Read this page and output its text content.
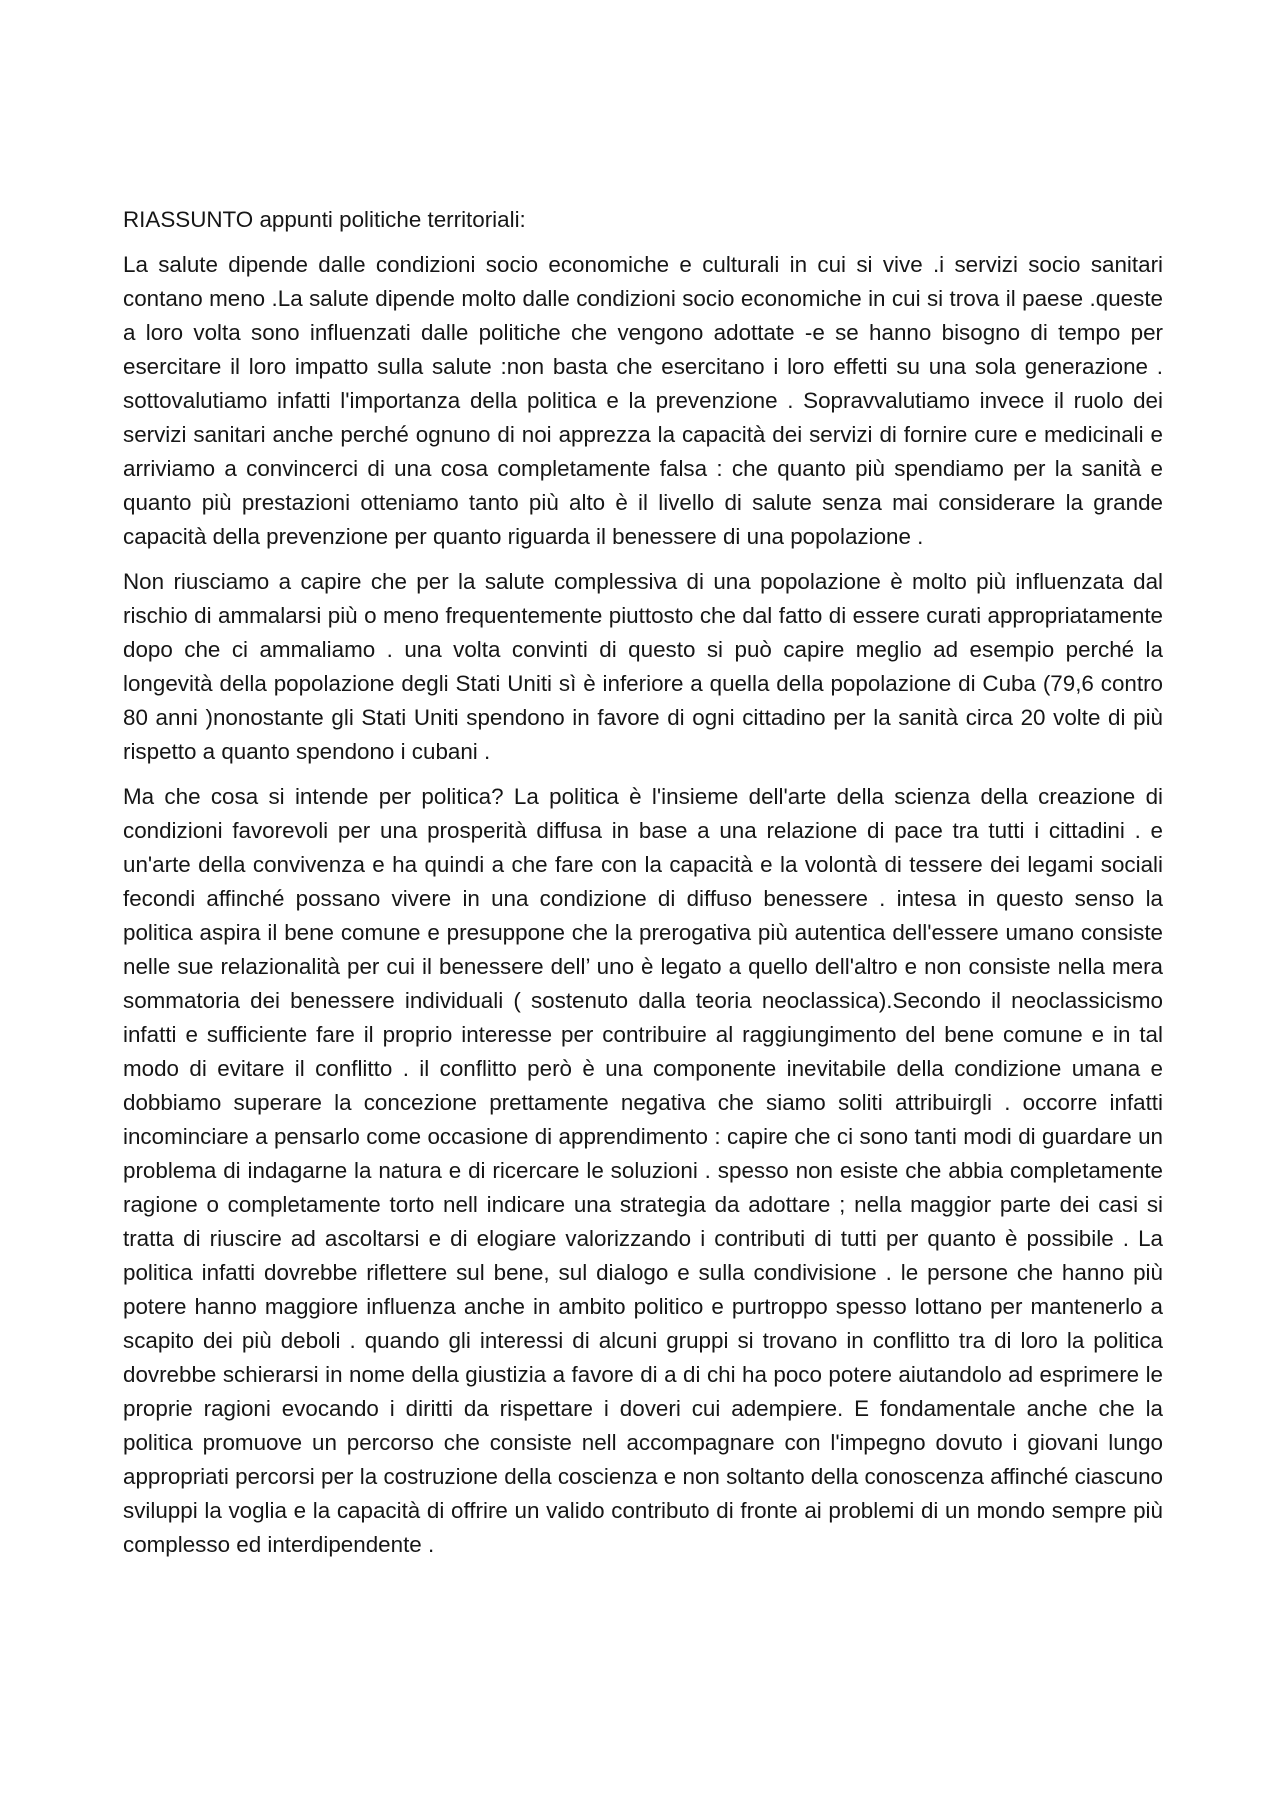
RIASSUNTO appunti politiche territoriali:

La salute dipende dalle condizioni socio economiche e culturali in cui si vive .i servizi socio sanitari contano meno .La salute dipende molto dalle condizioni socio economiche in cui si trova il paese .queste a loro volta sono influenzati dalle politiche che vengono adottate -e se hanno bisogno di tempo per esercitare il loro impatto sulla salute :non basta che esercitano i loro effetti su una sola generazione . sottovalutiamo infatti l'importanza della politica e la prevenzione . Sopravvalutiamo invece il ruolo dei servizi sanitari anche perché ognuno di noi apprezza la capacità dei servizi di fornire cure e medicinali e arriviamo a convincerci di una cosa completamente falsa : che quanto più spendiamo per la sanità e quanto più prestazioni otteniamo tanto più alto è il livello di salute senza mai considerare la grande capacità della prevenzione per quanto riguarda il benessere di una popolazione .

Non riusciamo a capire che per la salute complessiva di una popolazione è molto più influenzata dal rischio di ammalarsi più o meno frequentemente piuttosto che dal fatto di essere curati appropriatamente dopo che ci ammaliamo . una volta convinti di questo si può capire meglio ad esempio perché la longevità della popolazione degli Stati Uniti sì è inferiore a quella della popolazione di Cuba (79,6 contro 80 anni )nonostante gli Stati Uniti spendono in favore di ogni cittadino per la sanità circa 20 volte di più rispetto a quanto spendono i cubani .

Ma che cosa si intende per politica? La politica è l'insieme dell'arte della scienza della creazione di condizioni favorevoli per una prosperità diffusa in base a una relazione di pace tra tutti i cittadini . e un'arte della convivenza e ha quindi a che fare con la capacità e la volontà di tessere dei legami sociali fecondi affinché possano vivere in una condizione di diffuso benessere . intesa in questo senso la politica aspira il bene comune e presuppone che la prerogativa più autentica dell'essere umano consiste nelle sue relazionalità per cui il benessere dell’ uno è legato a quello dell'altro e non consiste nella mera sommatoria dei benessere individuali ( sostenuto dalla teoria neoclassica).Secondo il neoclassicismo infatti e sufficiente fare il proprio interesse per contribuire al raggiungimento del bene comune e in tal modo di evitare il conflitto . il conflitto però è una componente inevitabile della condizione umana e dobbiamo superare la concezione prettamente negativa che siamo soliti attribuirgli . occorre infatti incominciare a pensarlo come occasione di apprendimento : capire che ci sono tanti modi di guardare un problema di indagarne la natura e di ricercare le soluzioni . spesso non esiste che abbia completamente ragione o completamente torto nell indicare una strategia da adottare ; nella maggior parte dei casi si tratta di riuscire ad ascoltarsi e di elogiare valorizzando i contributi di tutti per quanto è possibile . La politica infatti dovrebbe riflettere sul bene, sul dialogo e sulla condivisione . le persone che hanno più potere hanno maggiore influenza anche in ambito politico e purtroppo spesso lottano per mantenerlo a scapito dei più deboli . quando gli interessi di alcuni gruppi si trovano in conflitto tra di loro la politica dovrebbe schierarsi in nome della giustizia a favore di a di chi ha poco potere aiutandolo ad esprimere le proprie ragioni evocando i diritti da rispettare i doveri cui adempiere. E fondamentale anche che la politica promuove un percorso che consiste nell accompagnare con l'impegno dovuto i giovani lungo appropriati percorsi per la costruzione della coscienza e non soltanto della conoscenza affinché ciascuno sviluppi la voglia e la capacità di offrire un valido contributo di fronte ai problemi di un mondo sempre più complesso ed interdipendente .
